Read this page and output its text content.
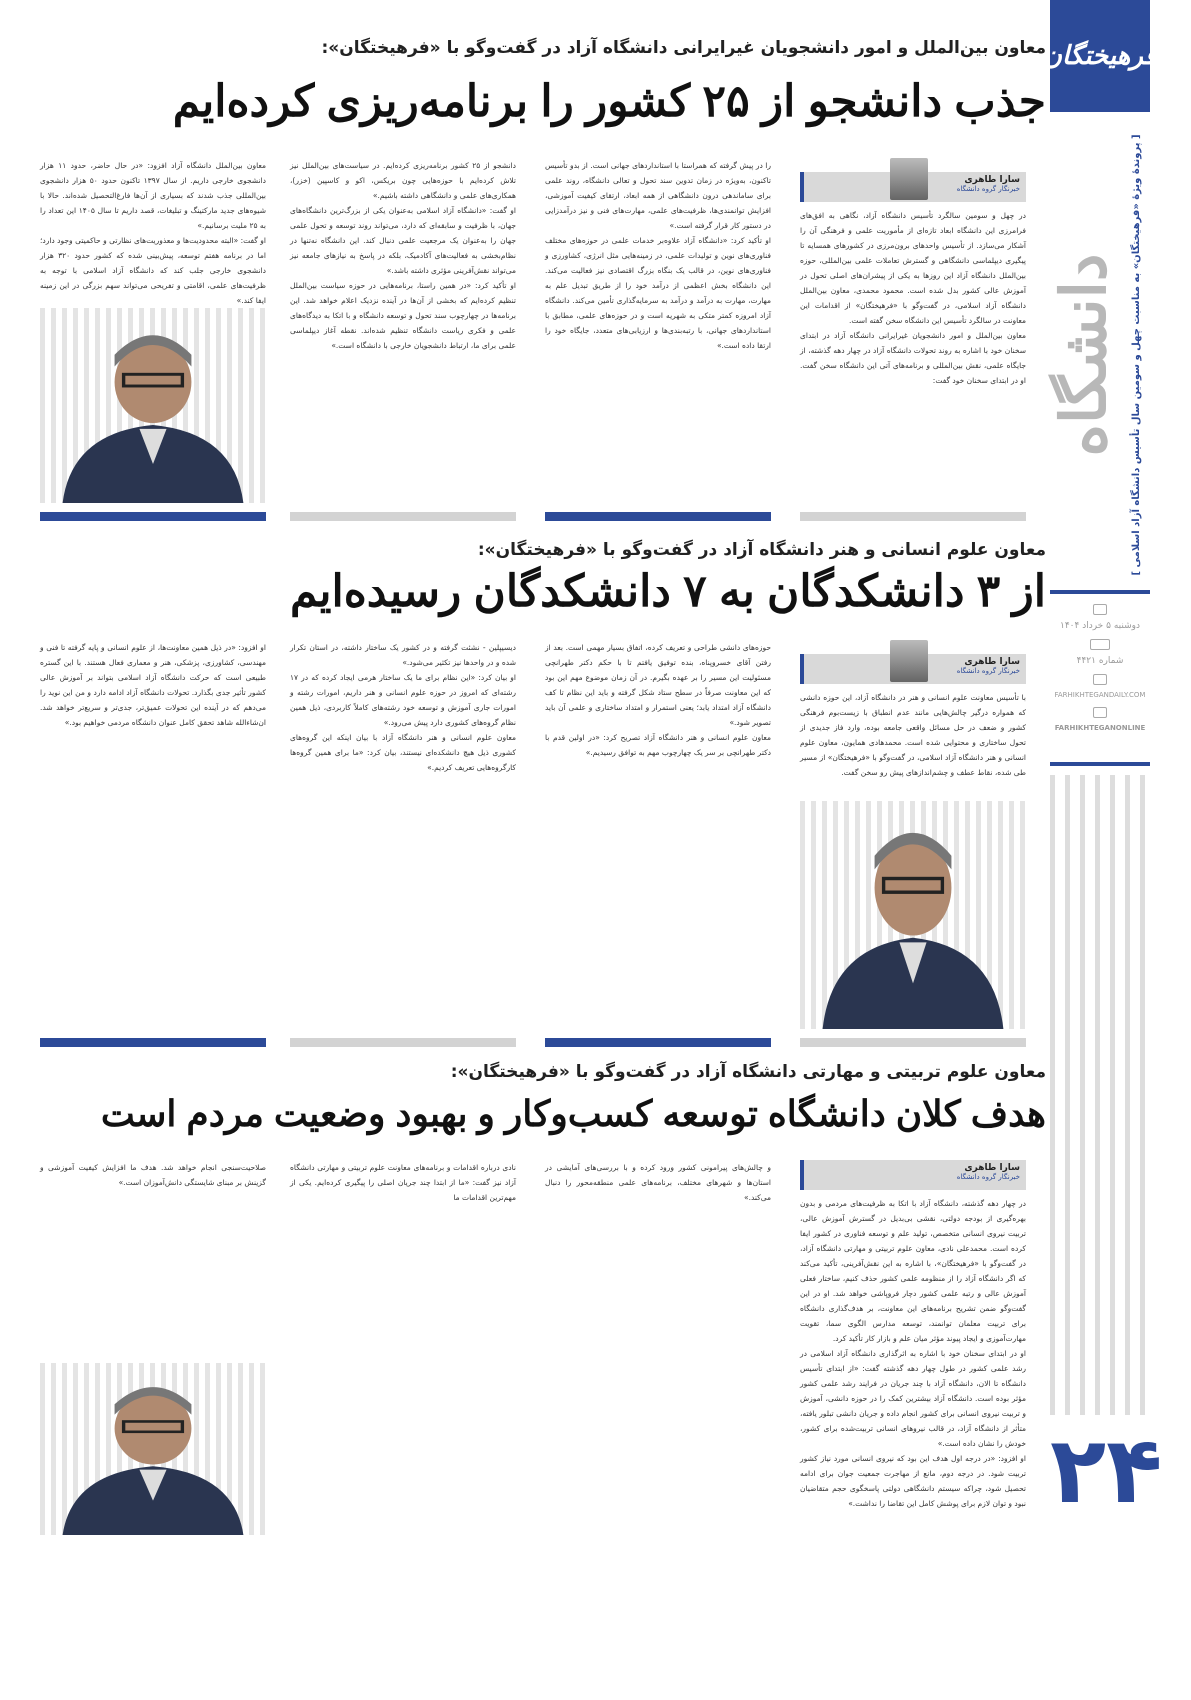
فرهیختگان
دانشگاه [ پروندهٔ ویژهٔ «فرهیختگان» به مناسبت چهل و سومین سال تأسیس دانشگاه آزاد اسلامی ]
دوشنبه ۵ خرداد ۱۴۰۴
شماره ۴۴۲۱
FARHIKHTEGANDAILY.COM
FARHIKHTEGANONLINE
۲۴
معاون بین‌الملل و امور دانشجویان غیرایرانی دانشگاه آزاد در گفت‌وگو با «فرهیختگان»:
جذب دانشجو از ۲۵ کشور را برنامه‌ریزی کرده‌ایم
سارا طاهری
خبرنگار گروه دانشگاه

در چهل و سومین سالگرد تأسیس دانشگاه آزاد، نگاهی به افق‌های فرامرزی این دانشگاه ابعاد تازه‌ای از مأموریت علمی و فرهنگی آن را آشکار می‌سازد. از تأسیس واحدهای برون‌مرزی در کشورهای همسایه تا پیگیری دیپلماسی دانشگاهی و گسترش تعاملات علمی بین‌المللی، حوزه بین‌الملل دانشگاه آزاد این روزها به یکی از پیشران‌های اصلی تحول در آموزش عالی کشور بدل شده است. محمود محمدی، معاون بین‌الملل دانشگاه آزاد اسلامی، در گفت‌وگو با «فرهیختگان» از اقدامات این معاونت در سالگرد تأسیس این دانشگاه سخن گفته است.

معاون بین‌الملل و امور دانشجویان غیرایرانی دانشگاه آزاد در ابتدای سخنان خود با اشاره به روند تحولات دانشگاه آزاد در چهار دهه گذشته، از جایگاه علمی، نقش بین‌المللی و برنامه‌های آتی این دانشگاه سخن گفت. او در ابتدای سخنان خود گفت:

را در پیش گرفته که همراستا با استانداردهای جهانی است. از بدو تأسیس تاکنون، به‌ویژه در زمان تدوین سند تحول و تعالی دانشگاه، روند علمی برای ساماندهی درون دانشگاهی از همه ابعاد، ارتقای کیفیت آموزشی، افزایش توانمندی‌ها، ظرفیت‌های علمی، مهارت‌های فنی و نیز درآمدزایی در دستور کار قرار گرفته است.»

او تأکید کرد: «دانشگاه آزاد علاوه‌بر خدمات علمی در حوزه‌های مختلف فناوری‌های نوین و تولیدات علمی، در زمینه‌هایی مثل انرژی، کشاورزی و فناوری‌های نوین، در قالب یک بنگاه بزرگ اقتصادی نیز فعالیت می‌کند. این دانشگاه بخش اعظمی از درآمد خود را از طریق تبدیل علم به مهارت، مهارت به درآمد و درآمد به سرمایه‌گذاری تأمین می‌کند. دانشگاه آزاد امروزه کمتر متکی به شهریه است و در حوزه‌های علمی، مطابق با استانداردهای جهانی، با رتبه‌بندی‌ها و ارزیابی‌های متعدد، جایگاه خود را ارتقا داده است.»

دانشجو از ۲۵ کشور برنامه‌ریزی کرده‌ایم. در سیاست‌های بین‌الملل نیز تلاش کرده‌ایم با حوزه‌هایی چون بریکس، اکو و کاسپین (خزر)، همکاری‌های علمی و دانشگاهی داشته باشیم.»

او گفت: «دانشگاه آزاد اسلامی به‌عنوان یکی از بزرگ‌ترین دانشگاه‌های جهان، با ظرفیت و سابقه‌ای که دارد، می‌تواند روند توسعه و تحول علمی جهان را به‌عنوان یک مرجعیت علمی دنبال کند. این دانشگاه نه‌تنها در نظام‌بخشی به فعالیت‌های آکادمیک، بلکه در پاسخ به نیازهای جامعه نیز می‌تواند نقش‌آفرینی مؤثری داشته باشد.»

او تأکید کرد: «در همین راستا، برنامه‌هایی در حوزه سیاست بین‌الملل تنظیم کرده‌ایم که بخشی از آن‌ها در آینده نزدیک اعلام خواهد شد. این برنامه‌ها در چهارچوب سند تحول و توسعه دانشگاه و با اتکا به دیدگاه‌های علمی و فکری ریاست دانشگاه تنظیم شده‌اند. نقطه آغاز دیپلماسی علمی برای ما، ارتباط دانشجویان خارجی با دانشگاه است.»

معاون بین‌الملل دانشگاه آزاد افزود: «در حال حاضر، حدود ۱۱ هزار دانشجوی خارجی داریم. از سال ۱۳۹۷ تاکنون حدود ۵۰ هزار دانشجوی بین‌المللی جذب شدند که بسیاری از آن‌ها فارغ‌التحصیل شده‌اند. حالا با شیوه‌های جدید مارکتینگ و تبلیغات، قصد داریم تا سال ۱۴۰۵ این تعداد را به ۲۵ ملیت برسانیم.»

او گفت: «البته محدودیت‌ها و معذوریت‌های نظارتی و حاکمیتی وجود دارد؛ اما در برنامه هفتم توسعه، پیش‌بینی شده که کشور حدود ۳۲۰ هزار دانشجوی خارجی جلب کند که دانشگاه آزاد اسلامی با توجه به ظرفیت‌های علمی، اقامتی و تفریحی می‌تواند سهم بزرگی در این زمینه ایفا کند.»

معاون علوم انسانی و هنر دانشگاه آزاد در گفت‌وگو با «فرهیختگان»:
از ۳ دانشکدگان به ۷ دانشکدگان رسیده‌ایم
سارا طاهری
خبرنگار گروه دانشگاه

با تأسیس معاونت علوم انسانی و هنر در دانشگاه آزاد، این حوزه دانشی که همواره درگیر چالش‌هایی مانند عدم انطباق با زیست‌بوم فرهنگی کشور و ضعف در حل مسائل واقعی جامعه بوده، وارد فاز جدیدی از تحول ساختاری و محتوایی شده است. محمدهادی همایون، معاون علوم انسانی و هنر دانشگاه آزاد اسلامی، در گفت‌وگو با «فرهیختگان» از مسیر طی شده، نقاط عطف و چشم‌اندازهای پیش رو سخن گفت.

حوزه‌های دانشی طراحی و تعریف کرده، اتفاق بسیار مهمی است. بعد از رفتن آقای خسروپناه، بنده توفیق یافتم تا با حکم دکتر طهرانچی مسئولیت این مسیر را بر عهده بگیرم. در آن زمان موضوع مهم این بود که این معاونت صرفاً در سطح ستاد شکل گرفته و باید این نظام تا کف دانشگاه آزاد امتداد یابد؛ یعنی استمرار و امتداد ساختاری و علمی آن باید تصویر شود.»

معاون علوم انسانی و هنر دانشگاه آزاد تصریح کرد: «در اولین قدم با دکتر طهرانچی بر سر یک چهارچوب مهم به توافق رسیدیم.»

دیسیپلین - نشئت گرفته و در کشور یک ساختار داشته، در استان تکرار شده و در واحدها نیز تکثیر می‌شود.»

او بیان کرد: «این نظام برای ما یک ساختار هرمی ایجاد کرده که در ۱۷ رشته‌ای که امروز در حوزه علوم انسانی و هنر داریم، امورات رشته و امورات جاری آموزش و توسعه خود رشته‌های کاملاً کاربردی، ذیل همین نظام گروه‌های کشوری دارد پیش می‌رود.»

معاون علوم انسانی و هنر دانشگاه آزاد با بیان اینکه این گروه‌های کشوری ذیل هیچ دانشکده‌ای نیستند، بیان کرد: «ما برای همین گروه‌ها کارگروه‌هایی تعریف کردیم.»

او افزود: «در ذیل همین معاونت‌ها، از علوم انسانی و پایه گرفته تا فنی و مهندسی، کشاورزی، پزشکی، هنر و معماری فعال هستند. با این گستره طبیعی است که حرکت دانشگاه آزاد اسلامی بتواند بر آموزش عالی کشور تأثیر جدی بگذارد. تحولات دانشگاه آزاد ادامه دارد و من این نوید را می‌دهم که در آینده این تحولات عمیق‌تر، جدی‌تر و سریع‌تر خواهد شد. ان‌شاءالله شاهد تحقق کامل عنوان دانشگاه مردمی خواهیم بود.»

معاون علوم تربیتی و مهارتی دانشگاه آزاد در گفت‌وگو با «فرهیختگان»:
هدف کلان دانشگاه توسعه کسب‌وکار و بهبود وضعیت مردم است
سارا طاهری
خبرنگار گروه دانشگاه

در چهار دهه گذشته، دانشگاه آزاد با اتکا به ظرفیت‌های مردمی و بدون بهره‌گیری از بودجه دولتی، نقشی بی‌بدیل در گسترش آموزش عالی، تربیت نیروی انسانی متخصص، تولید علم و توسعه فناوری در کشور ایفا کرده است. محمدعلی نادی، معاون علوم تربیتی و مهارتی دانشگاه آزاد، در گفت‌وگو با «فرهیختگان»، با اشاره به این نقش‌آفرینی، تأکید می‌کند که اگر دانشگاه آزاد را از منظومه علمی کشور حذف کنیم، ساختار فعلی آموزش عالی و رتبه علمی کشور دچار فروپاشی خواهد شد. او در این گفت‌وگو ضمن تشریح برنامه‌های این معاونت، بر هدف‌گذاری دانشگاه برای تربیت معلمان توانمند، توسعه مدارس الگوی سما، تقویت مهارت‌آموزی و ایجاد پیوند مؤثر میان علم و بازار کار تأکید کرد.

او در ابتدای سخنان خود با اشاره به اثرگذاری دانشگاه آزاد اسلامی در رشد علمی کشور در طول چهار دهه گذشته گفت: «از ابتدای تأسیس دانشگاه تا الان، دانشگاه آزاد با چند جریان در فرایند رشد علمی کشور مؤثر بوده است. دانشگاه آزاد بیشترین کمک را در حوزه دانشی، آموزش و تربیت نیروی انسانی برای کشور انجام داده و جریان دانشی تبلور یافته، متأثر از دانشگاه آزاد، در قالب نیروهای انسانی تربیت‌شده برای کشور، خودش را نشان داده است.»

او افزود: «در درجه اول هدف این بود که نیروی انسانی مورد نیاز کشور تربیت شود. در درجه دوم، مانع از مهاجرت جمعیت جوان برای ادامه تحصیل شود، چراکه سیستم دانشگاهی دولتی پاسخگوی حجم متقاضیان نبود و توان لازم برای پوشش کامل این تقاضا را نداشت.»

و چالش‌های پیرامونی کشور ورود کرده و با بررسی‌های آمایشی در استان‌ها و شهرهای مختلف، برنامه‌های علمی منطقه‌محور را دنبال می‌کند.»

نادی درباره اقدامات و برنامه‌های معاونت علوم تربیتی و مهارتی دانشگاه آزاد نیز گفت: «ما از ابتدا چند جریان اصلی را پیگیری کرده‌ایم. یکی از مهم‌ترین اقدامات ما

صلاحیت‌سنجی انجام خواهد شد. هدف ما افزایش کیفیت آموزشی و گزینش بر مبنای شایستگی دانش‌آموزان است.»
